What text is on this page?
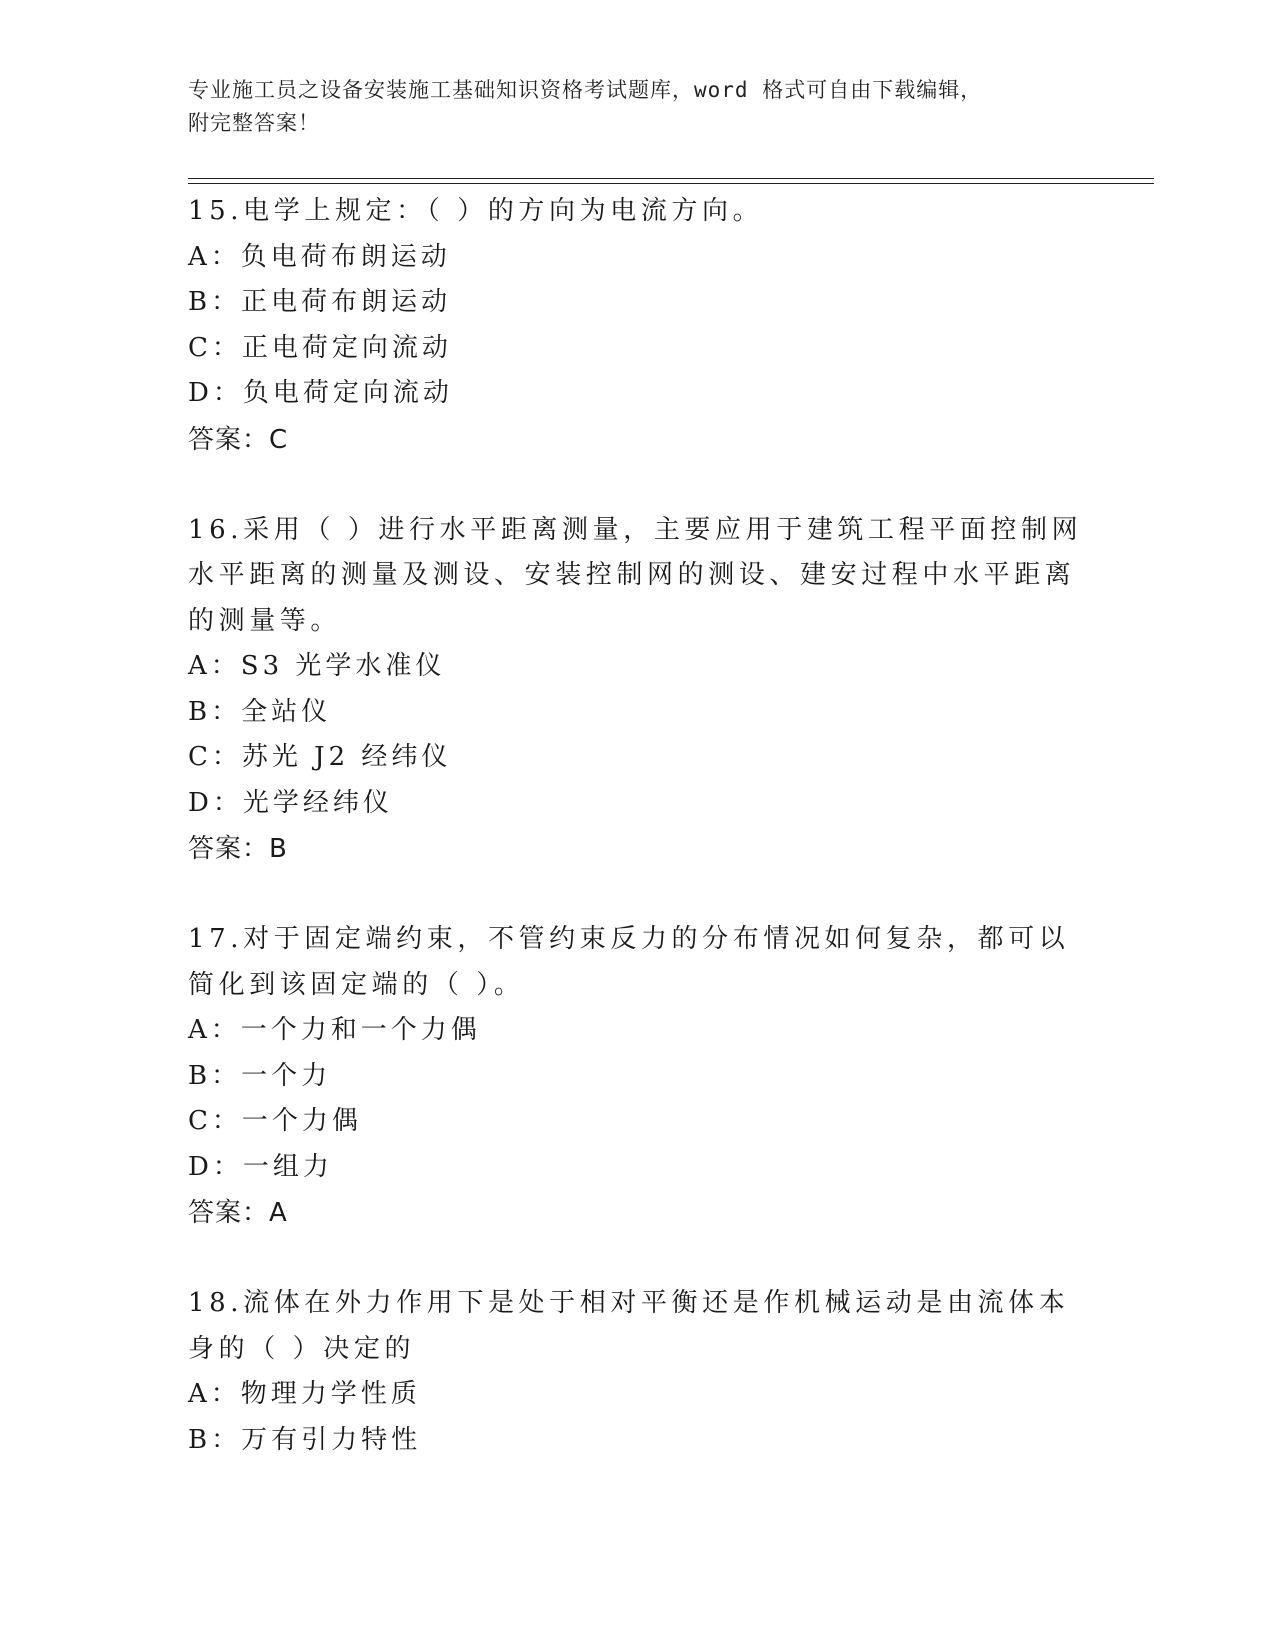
专业施工员之设备安装施工基础知识资格考试题库，word 格式可自由下载编辑，
附完整答案！
15.电学上规定：（ ）的方向为电流方向。
A：负电荷布朗运动
B：正电荷布朗运动
C：正电荷定向流动
D：负电荷定向流动
答案：C
16.采用（ ）进行水平距离测量，主要应用于建筑工程平面控制网水平距离的测量及测设、安装控制网的测设、建安过程中水平距离的测量等。
A：S3 光学水准仪
B：全站仪
C：苏光 J2 经纬仪
D：光学经纬仪
答案：B
17.对于固定端约束，不管约束反力的分布情况如何复杂，都可以简化到该固定端的（ ）。
A：一个力和一个力偶
B：一个力
C：一个力偶
D：一组力
答案：A
18.流体在外力作用下是处于相对平衡还是作机械运动是由流体本身的（ ）决定的
A：物理力学性质
B：万有引力特性
